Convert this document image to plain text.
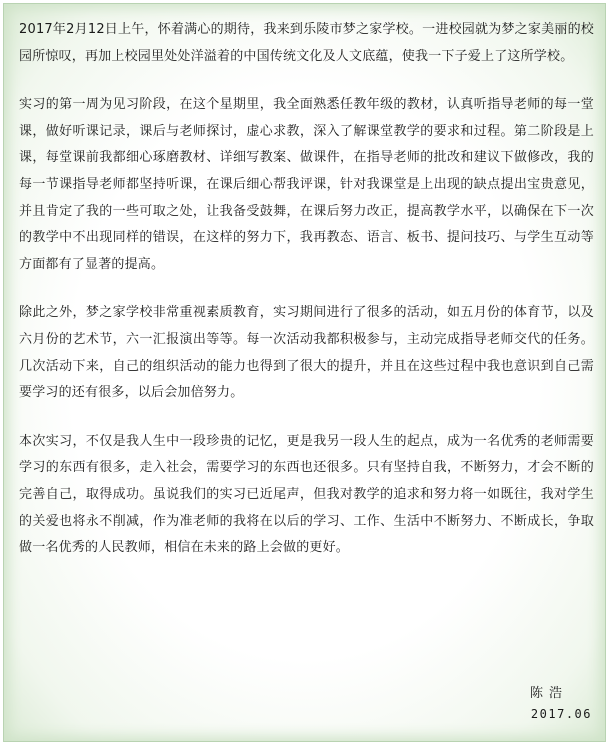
2017年2月12日上午，怀着满心的期待，我来到乐陵市梦之家学校。一进校园就为梦之家美丽的校园所惊叹，再加上校园里处处洋溢着的中国传统文化及人文底蕴，使我一下子爱上了这所学校。

实习的第一周为见习阶段，在这个星期里，我全面熟悉任教年级的教材，认真听指导老师的每一堂课，做好听课记录，课后与老师探讨，虚心求教，深入了解课堂教学的要求和过程。第二阶段是上课，每堂课前我都细心琢磨教材、详细写教案、做课件，在指导老师的批改和建议下做修改，我的每一节课指导老师都坚持听课，在课后细心帮我评课，针对我课堂是上出现的缺点提出宝贵意见，并且肯定了我的一些可取之处，让我备受鼓舞，在课后努力改正，提高教学水平，以确保在下一次的教学中不出现同样的错误，在这样的努力下，我再教态、语言、板书、提问技巧、与学生互动等方面都有了显著的提高。

除此之外，梦之家学校非常重视素质教育，实习期间进行了很多的活动，如五月份的体育节，以及六月份的艺术节，六一汇报演出等等。每一次活动我都积极参与，主动完成指导老师交代的任务。几次活动下来，自己的组织活动的能力也得到了很大的提升，并且在这些过程中我也意识到自己需要学习的还有很多，以后会加倍努力。

本次实习，不仅是我人生中一段珍贵的记忆，更是我另一段人生的起点，成为一名优秀的老师需要学习的东西有很多，走入社会，需要学习的东西也还很多。只有坚持自我，不断努力，才会不断的完善自己，取得成功。虽说我们的实习已近尾声，但我对教学的追求和努力将一如既往，我对学生的关爱也将永不削减，作为准老师的我将在以后的学习、工作、生活中不断努力、不断成长，争取做一名优秀的人民教师，相信在未来的路上会做的更好。

陈浩
2017.06
